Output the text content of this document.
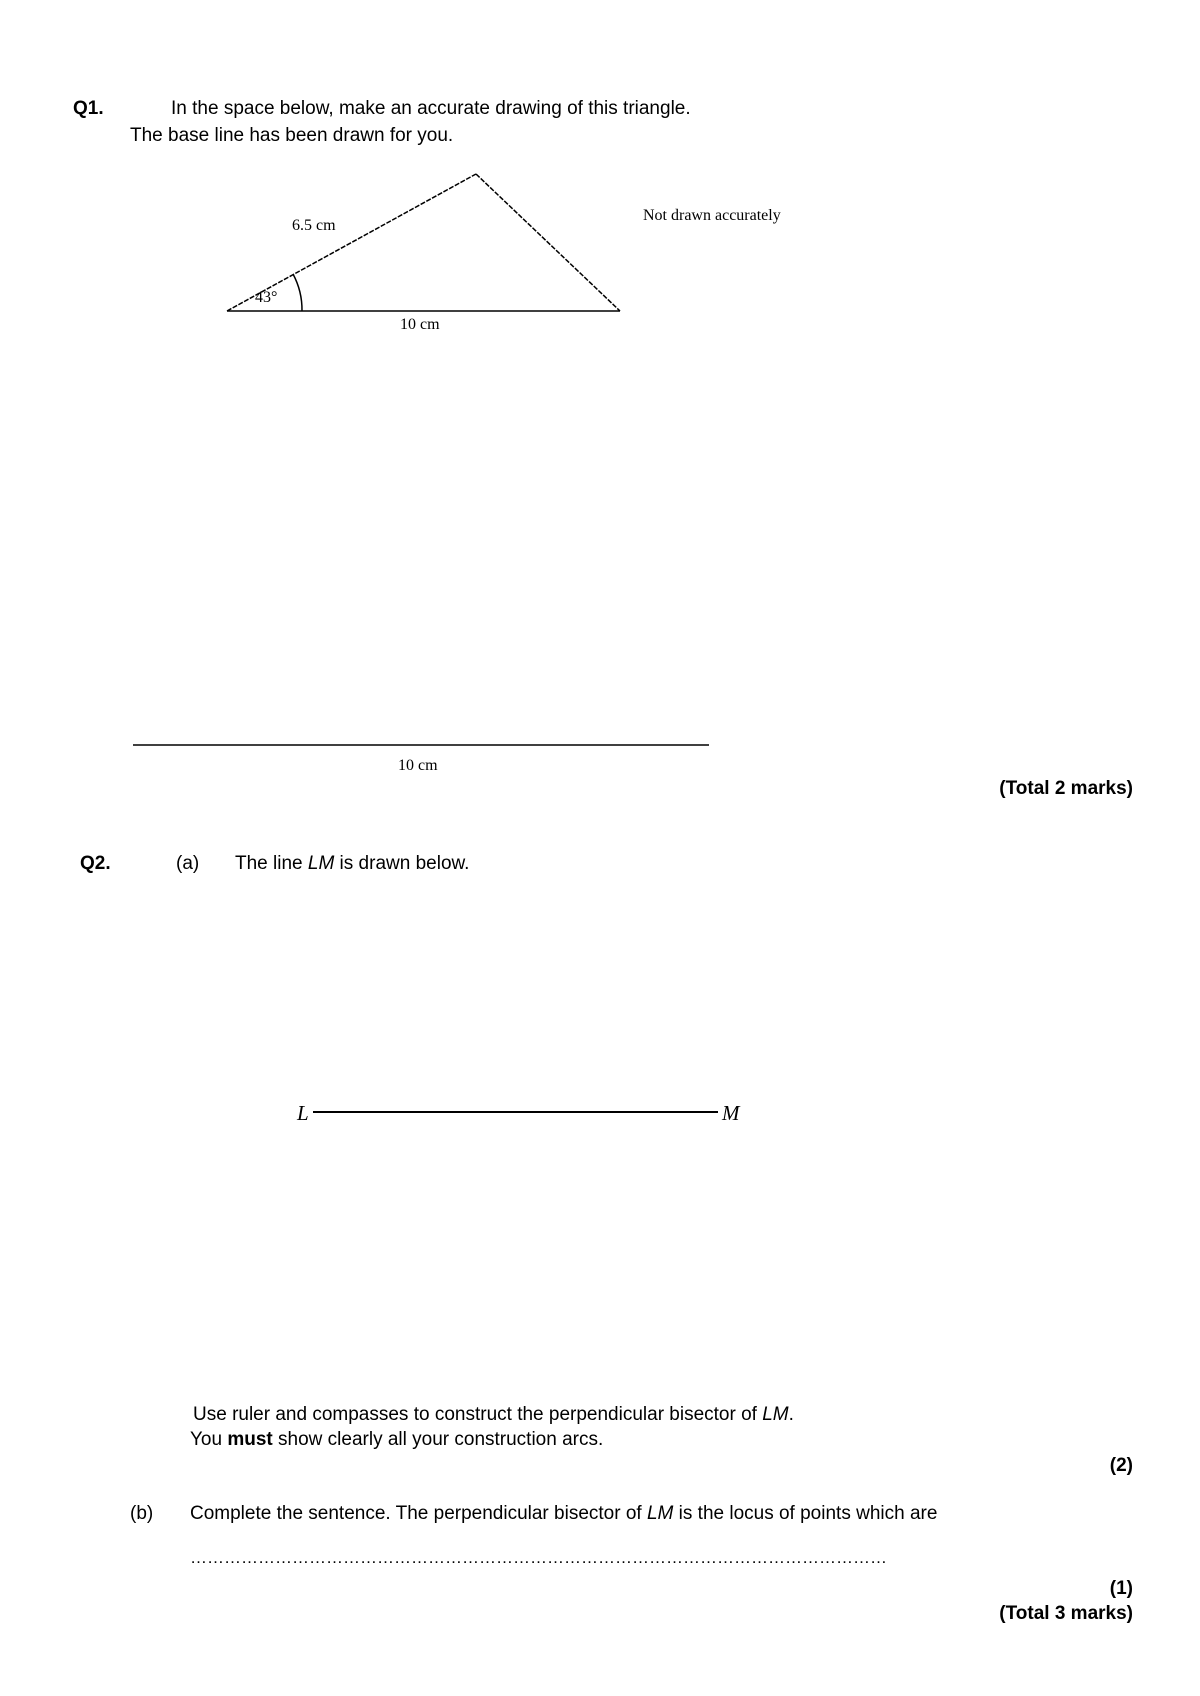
Q1.	In the space below, make an accurate drawing of this triangle.
The base line has been drawn for you.
6.5 cm
43°
10 cm
Not drawn accurately
10 cm
(Total 2 marks)
Q2.	(a) The line LM is drawn below.
L	M
Use ruler and compasses to construct the perpendicular bisector of LM.
You must show clearly all your construction arcs.
(2)
(b) Complete the sentence. The perpendicular bisector of LM is the locus of points which are
……………………………………………………………………………………………………………
(1)
(Total 3 marks)
